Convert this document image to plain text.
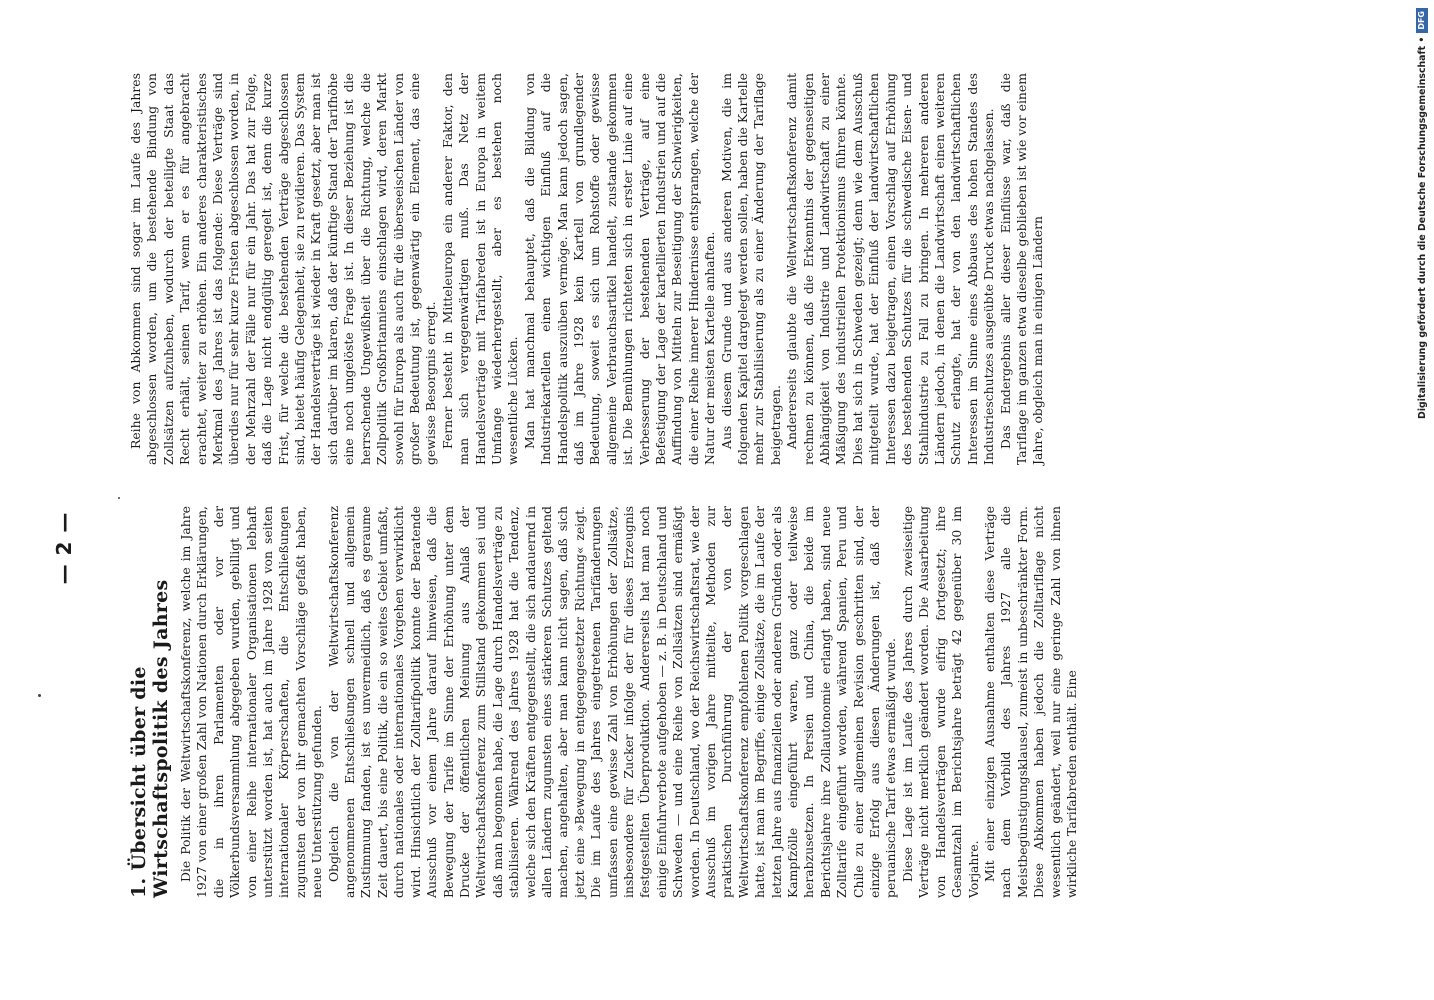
— 2 —
1. Übersicht über die Wirtschaftspolitik des Jahres Die Politik der Weltwirtschaftskonferenz, welche im Jahre 1927 von einer großen Zahl von Nationen durch Erklärungen, die in ihren Parlamenten oder vor der Völkerbundsversammlung abgegeben wurden, gebilligt und von einer Reihe internationaler Organisationen lebhaft unterstützt worden ist, hat auch im Jahre 1928 von seiten internationaler Körperschaften, die Entschließungen zugunsten der von ihr gemachten Vorschläge gefaßt haben, neue Unterstützung gefunden. Obgleich die von der Weltwirtschaftskonferenz angenommenen Entschließungen schnell und allgemein Zustimmung fanden, ist es unvermeidlich, daß es geraume Zeit dauert, bis eine Politik, die ein so weites Gebiet umfaßt, durch nationales oder internationales Vorgehen verwirklicht wird. Hinsichtlich der Zolltarifpolitik konnte der Beratende Ausschuß vor einem Jahre darauf hinweisen, daß die Bewegung der Tarife im Sinne der Erhöhung unter dem Drucke der öffentlichen Meinung aus Anlaß der Weltwirtschaftskonferenz zum Stillstand gekommen sei und daß man begonnen habe, die Lage durch Handelsverträge zu stabilisieren. Während des Jahres 1928 hat die Tendenz, welche sich den Kräften entgegenstellt, die sich andauernd in allen Ländern zugunsten eines stärkeren Schutzes geltend machen, angehalten, aber man kann nicht sagen, daß sich jetzt eine »Bewegung in entgegengesetzter Richtung« zeigt. Die im Laufe des Jahres eingetretenen Tarifänderungen umfassen eine gewisse Zahl von Erhöhungen der Zollsätze, insbesondere für Zucker infolge der für dieses Erzeugnis festgestellten Überproduktion. Andererseits hat man noch einige Einfuhrverbote aufgehoben — z. B. in Deutschland und Schweden — und eine Reihe von Zollsätzen sind ermäßigt worden. In Deutschland, wo der Reichswirtschaftsrat, wie der Ausschuß im vorigen Jahre mitteilte, Methoden zur praktischen Durchführung der von der Weltwirtschaftskonferenz empfohlenen Politik vorgeschlagen hatte, ist man im Begriffe, einige Zollsätze, die im Laufe der letzten Jahre aus finanziellen oder anderen Gründen oder als Kampfzölle eingeführt waren, ganz oder teilweise herabzusetzen. In Persien und China, die beide im Berichtsjahre ihre Zollautonomie erlangt haben, sind neue Zolltarife eingeführt worden, während Spanien, Peru und Chile zu einer allgemeinen Revision geschritten sind, der einzige Erfolg aus diesen Änderungen ist, daß der peruanische Tarif etwas ermäßigt wurde. Diese Lage ist im Laufe des Jahres durch zweiseitige Verträge nicht merklich geändert worden. Die Ausarbeitung von Handelsverträgen wurde eifrig fortgesetzt; ihre Gesamtzahl im Berichtsjahre beträgt 42 gegenüber 30 im Vorjahre. Mit einer einzigen Ausnahme enthalten diese Verträge nach dem Vorbild des Jahres 1927 alle die Meistbegünstigungsklausel, zumeist in unbeschränkter Form. Diese Abkommen haben jedoch die Zolltariflage nicht wesentlich geändert, weil nur eine geringe Zahl von ihnen wirkliche Tarifabreden enthält. Eine

Reihe von Abkommen sind sogar im Laufe des Jahres abgeschlossen worden, um die bestehende Bindung von Zollsätzen aufzuheben, wodurch der beteiligte Staat das Recht erhält, seinen Tarif, wenn er es für angebracht erachtet, weiter zu erhöhen. Ein anderes charakteristisches Merkmal des Jahres ist das folgende: Diese Verträge sind überdies nur für sehr kurze Fristen abgeschlossen worden, in der Mehrzahl der Fälle nur für ein Jahr. Das hat zur Folge, daß die Lage nicht endgültig geregelt ist, denn die kurze Frist, für welche die bestehenden Verträge abgeschlossen sind, bietet häufig Gelegenheit, sie zu revidieren. Das System der Handelsverträge ist wieder in Kraft gesetzt, aber man ist sich darüber im klaren, daß der künftige Stand der Tarifhöhe eine noch ungelöste Frage ist. In dieser Beziehung ist die herrschende Ungewißheit über die Richtung, welche die Zollpolitik Großbritanniens einschlagen wird, deren Markt sowohl für Europa als auch für die überseeischen Länder von großer Bedeutung ist, gegenwärtig ein Element, das eine gewisse Besorgnis erregt. Ferner besteht in Mitteleuropa ein anderer Faktor, den man sich vergegenwärtigen muß. Das Netz der Handelsverträge mit Tarifabreden ist in Europa in weitem Umfange wiederhergestellt, aber es bestehen noch wesentliche Lücken. Man hat manchmal behauptet, daß die Bildung von Industriekartellen einen wichtigen Einfluß auf die Handelspolitik auszuüben vermöge. Man kann jedoch sagen, daß im Jahre 1928 kein Kartell von grundlegender Bedeutung, soweit es sich um Rohstoffe oder gewisse allgemeine Verbrauchsartikel handelt, zustande gekommen ist. Die Bemühungen richteten sich in erster Linie auf eine Verbesserung der bestehenden Verträge, auf eine Befestigung der Lage der kartellierten Industrien und auf die Auffindung von Mitteln zur Beseitigung der Schwierigkeiten, die einer Reihe innerer Hindernisse entsprangen, welche der Natur der meisten Kartelle anhaften. Aus diesem Grunde und aus anderen Motiven, die im folgenden Kapitel dargelegt werden sollen, haben die Kartelle mehr zur Stabilisierung als zu einer Änderung der Tariflage beigetragen. Andererseits glaubte die Weltwirtschaftskonferenz damit rechnen zu können, daß die Erkenntnis der gegenseitigen Abhängigkeit von Industrie und Landwirtschaft zu einer Mäßigung des industriellen Protektionismus führen könnte. Dies hat sich in Schweden gezeigt; denn wie dem Ausschuß mitgeteilt wurde, hat der Einfluß der landwirtschaftlichen Interessen dazu beigetragen, einen Vorschlag auf Erhöhung des bestehenden Schutzes für die schwedische Eisen- und Stahlindustrie zu Fall zu bringen. In mehreren anderen Ländern jedoch, in denen die Landwirtschaft einen weiteren Schutz erlangte, hat der von den landwirtschaftlichen Interessen im Sinne eines Abbaues des hohen Standes des Industrieschutzes ausgeübte Druck etwas nachgelassen. Das Endergebnis aller dieser Einflüsse war, daß die Tariflage im ganzen etwa dieselbe geblieben ist wie vor einem Jahre, obgleich man in einigen Ländern	Digitalisierung gefördert durch die Deutsche Forschungsgemeinschaft •
DFG
